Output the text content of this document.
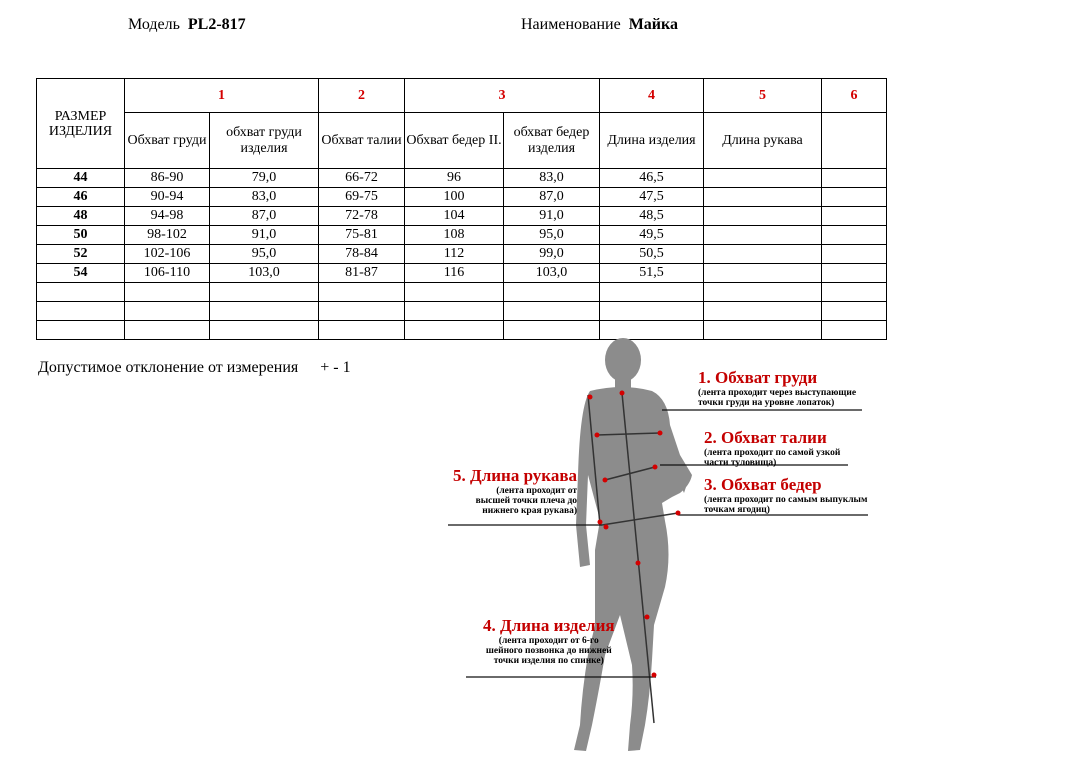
Модель PL2-817	Наименование Майка
РАЗМЕР ИЗДЕЛИЯ	1		2	3		4	5	6
	Обхват груди	обхват груди изделия	Обхват талии	Обхват бедер II.	обхват бедер изделия	Длина изделия	Длина рукава	
44	86-90	79,0	66-72	96	83,0	46,5		
46	90-94	83,0	69-75	100	87,0	47,5		
48	94-98	87,0	72-78	104	91,0	48,5		
50	98-102	91,0	75-81	108	95,0	49,5		
52	102-106	95,0	78-84	112	99,0	50,5		
54	106-110	103,0	81-87	116	103,0	51,5		

Допустимое отклонение от измерения + - 1
1. Обхват груди
(лента проходит через выступающие
точки груди на уровне лопаток)
2. Обхват талии
(лента проходит по самой узкой
части туловища)
3. Обхват бедер
(лента проходит по самым выпуклым
точкам ягодиц)
5. Длина рукава
(лента проходит от
высшей точки плеча до
нижнего края рукава)
4. Длина изделия
(лента проходит от 6-го
шейного позвонка до нижней
точки изделия по спинке)
